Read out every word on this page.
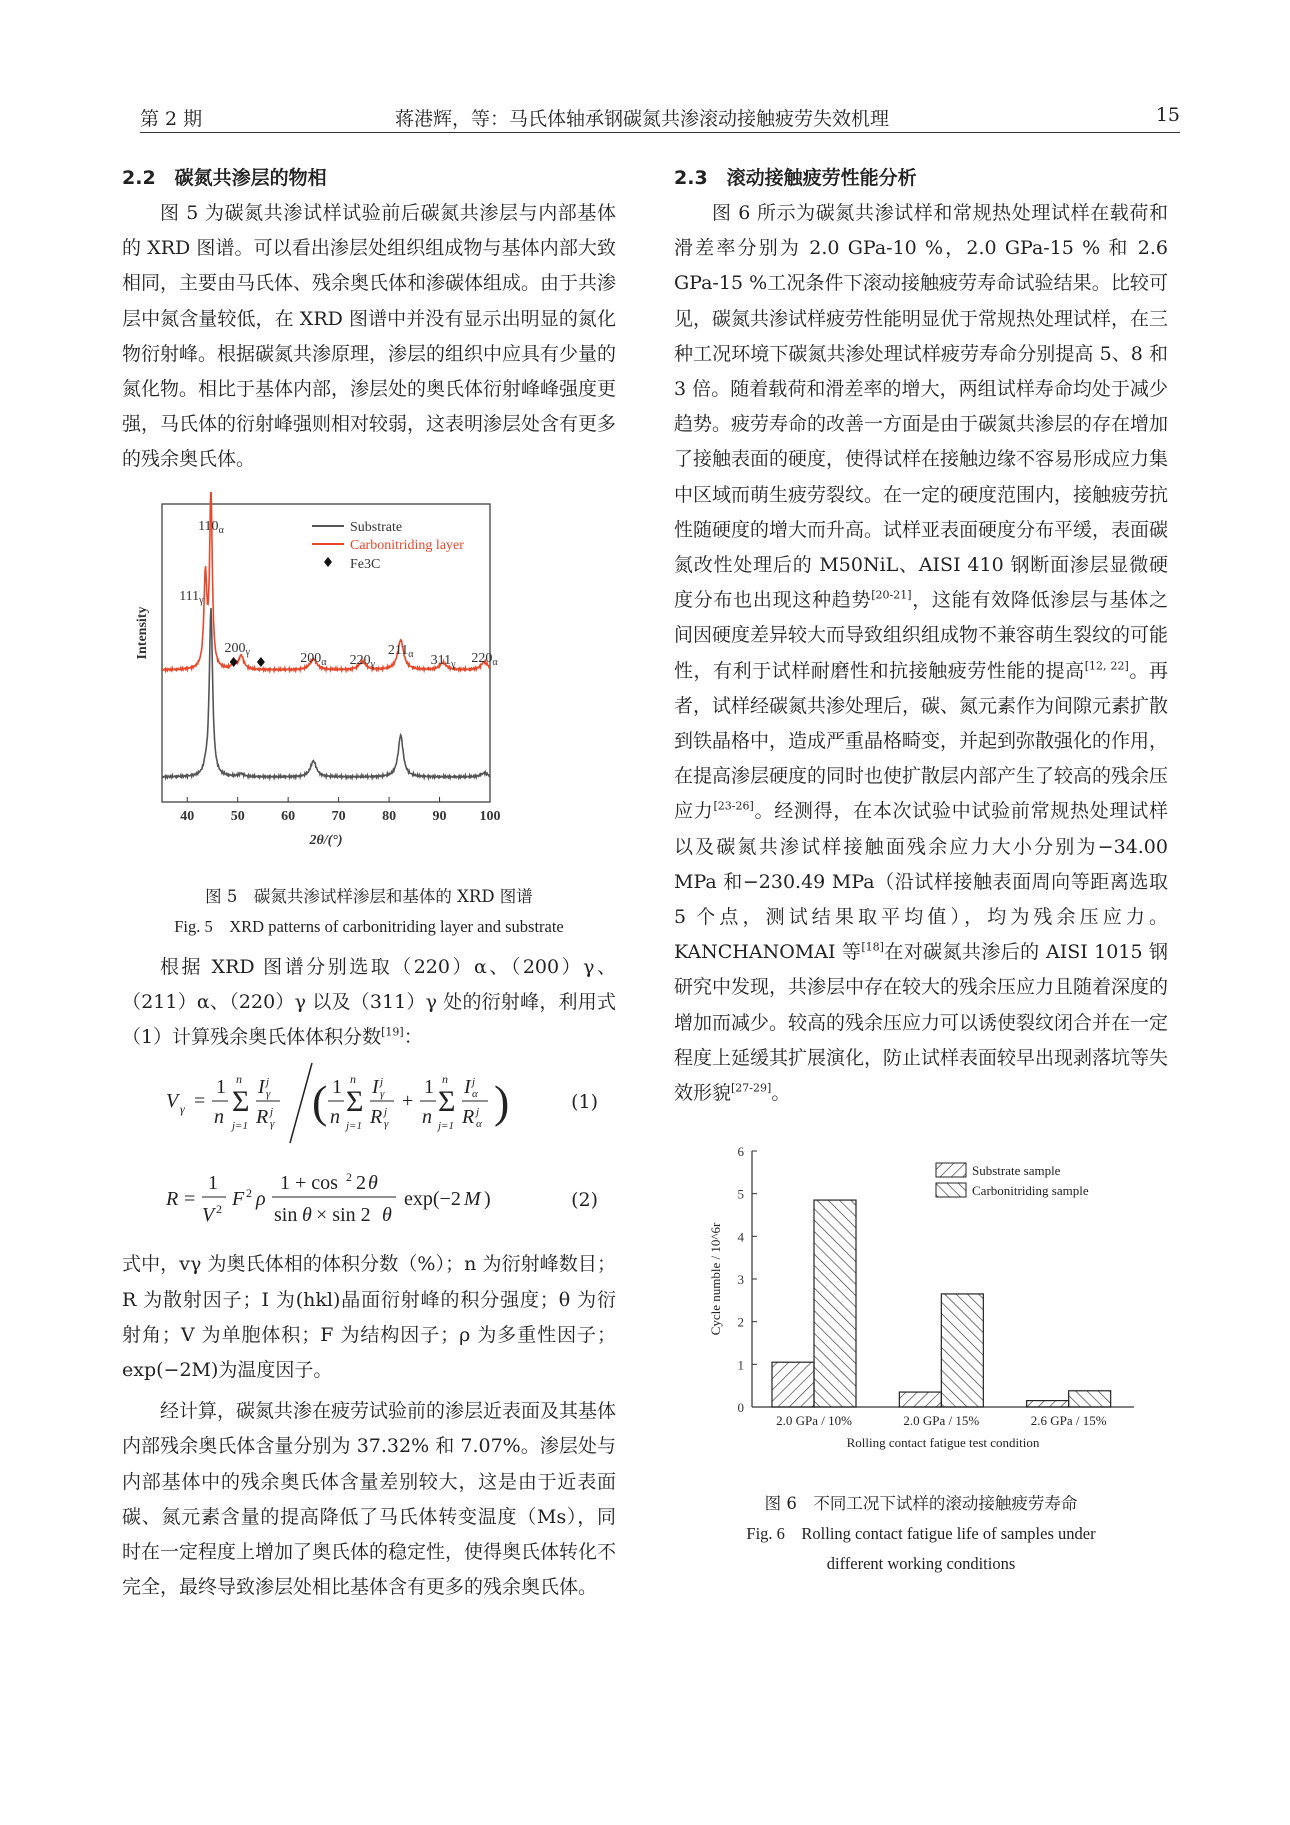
第 2 期	蒋港辉，等：马氏体轴承钢碳氮共渗滚动接触疲劳失效机理	15
2.2　碳氮共渗层的物相

图 5 为碳氮共渗试样试验前后碳氮共渗层与内部基体的 XRD 图谱。可以看出渗层处组织组成物与基体内部大致相同，主要由马氏体、残余奥氏体和渗碳体组成。由于共渗层中氮含量较低，在 XRD 图谱中并没有显示出明显的氮化物衍射峰。根据碳氮共渗原理，渗层的组织中应具有少量的氮化物。相比于基体内部，渗层处的奥氏体衍射峰峰强度更强，马氏体的衍射峰强则相对较弱，这表明渗层处含有更多的残余奥氏体。

$110_\alpha$
$111_\gamma$
$200_\gamma$	$200_\alpha$ $220_\gamma$
$211_\alpha$ $311_\gamma$ $220_\alpha$
Substrate
Carbonitriding layer
Fe3C
40	50	60	70	80	90 100
2θ/(°)
Intensity
图 5　碳氮共渗试样渗层和基体的 XRD 图谱
Fig. 5　XRD patterns of carbonitriding layer and substrate

根据 XRD 图谱分别选取（220）α、（200）γ、（211）α、（220）γ 以及（311）γ 处的衍射峰，利用式（1）计算残余奥氏体体积分数[19]：

V γ =
1
n Σ
n
j=1
I j
γ
R j
γ ( 1
n Σ
n
j=1
I j
γ
R j
γ
+
1
n Σ
n
j=1
I j
α
R j
α )	(1)
R =
1
V 2 F 2 ρ
1 + cos 2 2 θ
sin θ × sin 2 θ
exp(−2 M )	(2)

式中，vγ 为奥氏体相的体积分数（%）；n 为衍射峰数目；R 为散射因子；I 为(hkl)晶面衍射峰的积分强度；θ 为衍射角；V 为单胞体积；F 为结构因子；ρ 为多重性因子；exp(−2M)为温度因子。

经计算，碳氮共渗在疲劳试验前的渗层近表面及其基体内部残余奥氏体含量分别为 37.32% 和 7.07%。渗层处与内部基体中的残余奥氏体含量差别较大，这是由于近表面碳、氮元素含量的提高降低了马氏体转变温度（Ms），同时在一定程度上增加了奥氏体的稳定性，使得奥氏体转化不完全，最终导致渗层处相比基体含有更多的残余奥氏体。

2.3　滚动接触疲劳性能分析

图 6 所示为碳氮共渗试样和常规热处理试样在载荷和滑差率分别为 2.0 GPa-10 %，2.0 GPa-15 % 和 2.6 GPa-15 %工况条件下滚动接触疲劳寿命试验结果。比较可见，碳氮共渗试样疲劳性能明显优于常规热处理试样，在三种工况环境下碳氮共渗处理试样疲劳寿命分别提高 5、8 和 3 倍。随着载荷和滑差率的增大，两组试样寿命均处于减少趋势。疲劳寿命的改善一方面是由于碳氮共渗层的存在增加了接触表面的硬度，使得试样在接触边缘不容易形成应力集中区域而萌生疲劳裂纹。在一定的硬度范围内，接触疲劳抗性随硬度的增大而升高。试样亚表面硬度分布平缓，表面碳氮改性处理后的 M50NiL、AISI 410 钢断面渗层显微硬度分布也出现这种趋势[20-21]，这能有效降低渗层与基体之间因硬度差异较大而导致组织组成物不兼容萌生裂纹的可能性，有利于试样耐磨性和抗接触疲劳性能的提高[12, 22]。再者，试样经碳氮共渗处理后，碳、氮元素作为间隙元素扩散到铁晶格中，造成严重晶格畸变，并起到弥散强化的作用，在提高渗层硬度的同时也使扩散层内部产生了较高的残余压应力[23-26]。经测得，在本次试验中试验前常规热处理试样以及碳氮共渗试样接触面残余应力大小分别为−34.00 MPa 和−230.49 MPa（沿试样接触表面周向等距离选取 5 个点，测试结果取平均值），均为残余压应力。KANCHANOMAI 等[18]在对碳氮共渗后的 AISI 1015 钢研究中发现，共渗层中存在较大的残余压应力且随着深度的增加而减少。较高的残余压应力可以诱使裂纹闭合并在一定程度上延缓其扩展演化，防止试样表面较早出现剥落坑等失效形貌[27-29]。

0
1
2
3
4
5
6
2.0 GPa / 10%	2.0 GPa / 15%	2.6 GPa / 15%
Rolling contact fatigue test condition
Cycle numble / 10^6r
Substrate sample
Carbonitriding sample
图 6　不同工况下试样的滚动接触疲劳寿命
Fig. 6　Rolling contact fatigue life of samples under
different working conditions
